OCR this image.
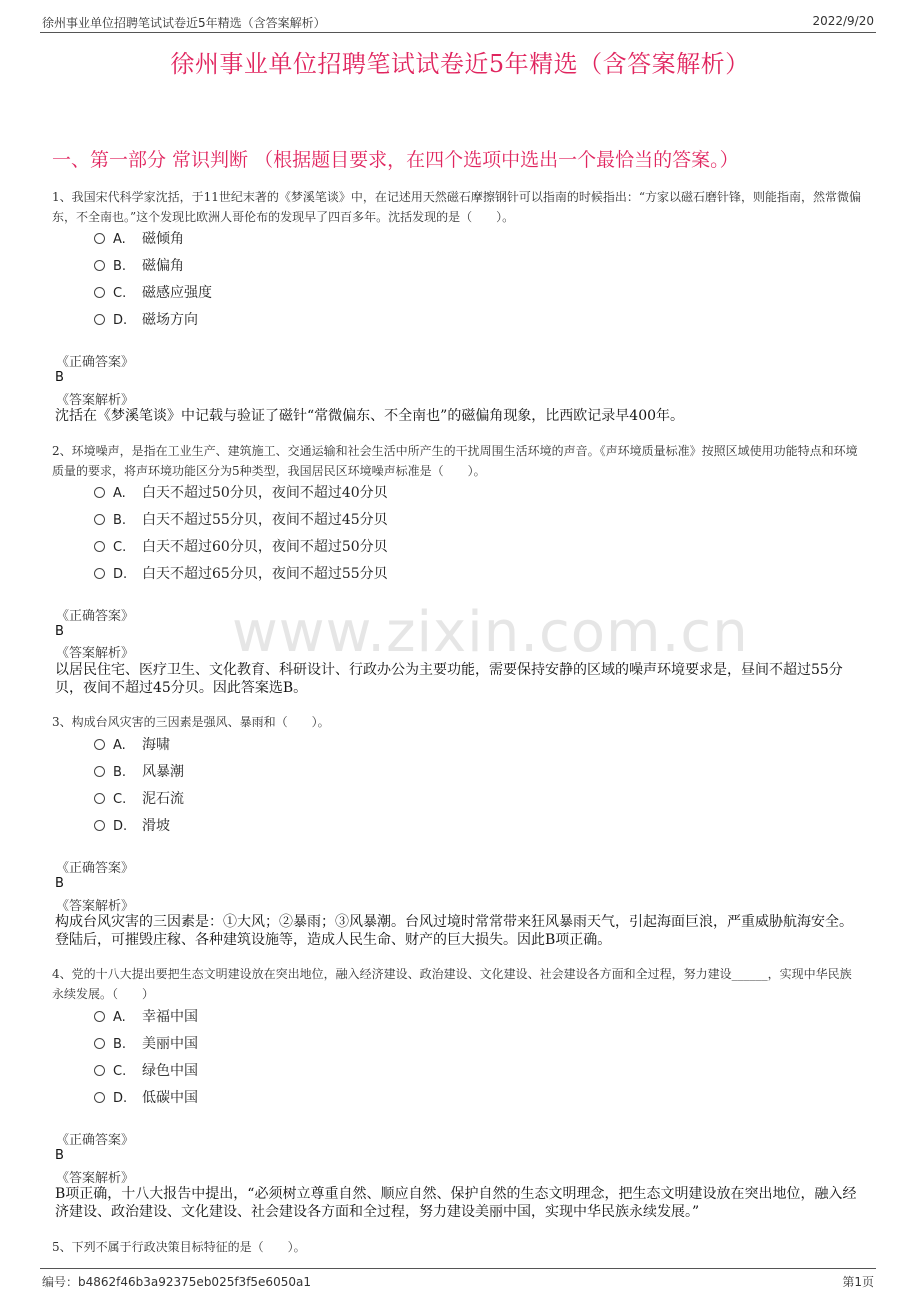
徐州事业单位招聘笔试试卷近5年精选（含答案解析）	2022/9/20
www.zixin.com.cn
徐州事业单位招聘笔试试卷近5年精选（含答案解析）
一、第一部分 常识判断 （根据题目要求，在四个选项中选出一个最恰当的答案。）
1、我国宋代科学家沈括，于11世纪末著的《梦溪笔谈》中，在记述用天然磁石摩擦钢针可以指南的时候指出：“方家以磁石磨针锋，则能指南，然常微偏东，不全南也。”这个发现比欧洲人哥伦布的发现早了四百多年。沈括发现的是（　　）。
A. 磁倾角
B. 磁偏角
C. 磁感应强度
D. 磁场方向
《正确答案》
B
《答案解析》
沈括在《梦溪笔谈》中记载与验证了磁针“常微偏东、不全南也”的磁偏角现象，比西欧记录早400年。
2、环境噪声，是指在工业生产、建筑施工、交通运输和社会生活中所产生的干扰周围生活环境的声音。《声环境质量标准》按照区域使用功能特点和环境质量的要求，将声环境功能区分为5种类型，我国居民区环境噪声标准是（　　）。
A. 白天不超过50分贝，夜间不超过40分贝
B. 白天不超过55分贝，夜间不超过45分贝
C. 白天不超过60分贝，夜间不超过50分贝
D. 白天不超过65分贝，夜间不超过55分贝
《正确答案》
B
《答案解析》
以居民住宅、医疗卫生、文化教育、科研设计、行政办公为主要功能，需要保持安静的区域的噪声环境要求是，昼间不超过55分贝，夜间不超过45分贝。因此答案选B。
3、构成台风灾害的三因素是强风、暴雨和（　　）。
A. 海啸
B. 风暴潮
C. 泥石流
D. 滑坡
《正确答案》
B
《答案解析》
构成台风灾害的三因素是：①大风；②暴雨；③风暴潮。台风过境时常常带来狂风暴雨天气，引起海面巨浪，严重威胁航海安全。登陆后，可摧毁庄稼、各种建筑设施等，造成人民生命、财产的巨大损失。因此B项正确。
4、党的十八大提出要把生态文明建设放在突出地位，融入经济建设、政治建设、文化建设、社会建设各方面和全过程，努力建设______，实现中华民族永续发展。（　　）
A. 幸福中国
B. 美丽中国
C. 绿色中国
D. 低碳中国
《正确答案》
B
《答案解析》
B项正确，十八大报告中提出，“必须树立尊重自然、顺应自然、保护自然的生态文明理念，把生态文明建设放在突出地位，融入经济建设、政治建设、文化建设、社会建设各方面和全过程，努力建设美丽中国，实现中华民族永续发展。”
5、下列不属于行政决策目标特征的是（　　）。
编号：b4862f46b3a92375eb025f3f5e6050a1	第1页
